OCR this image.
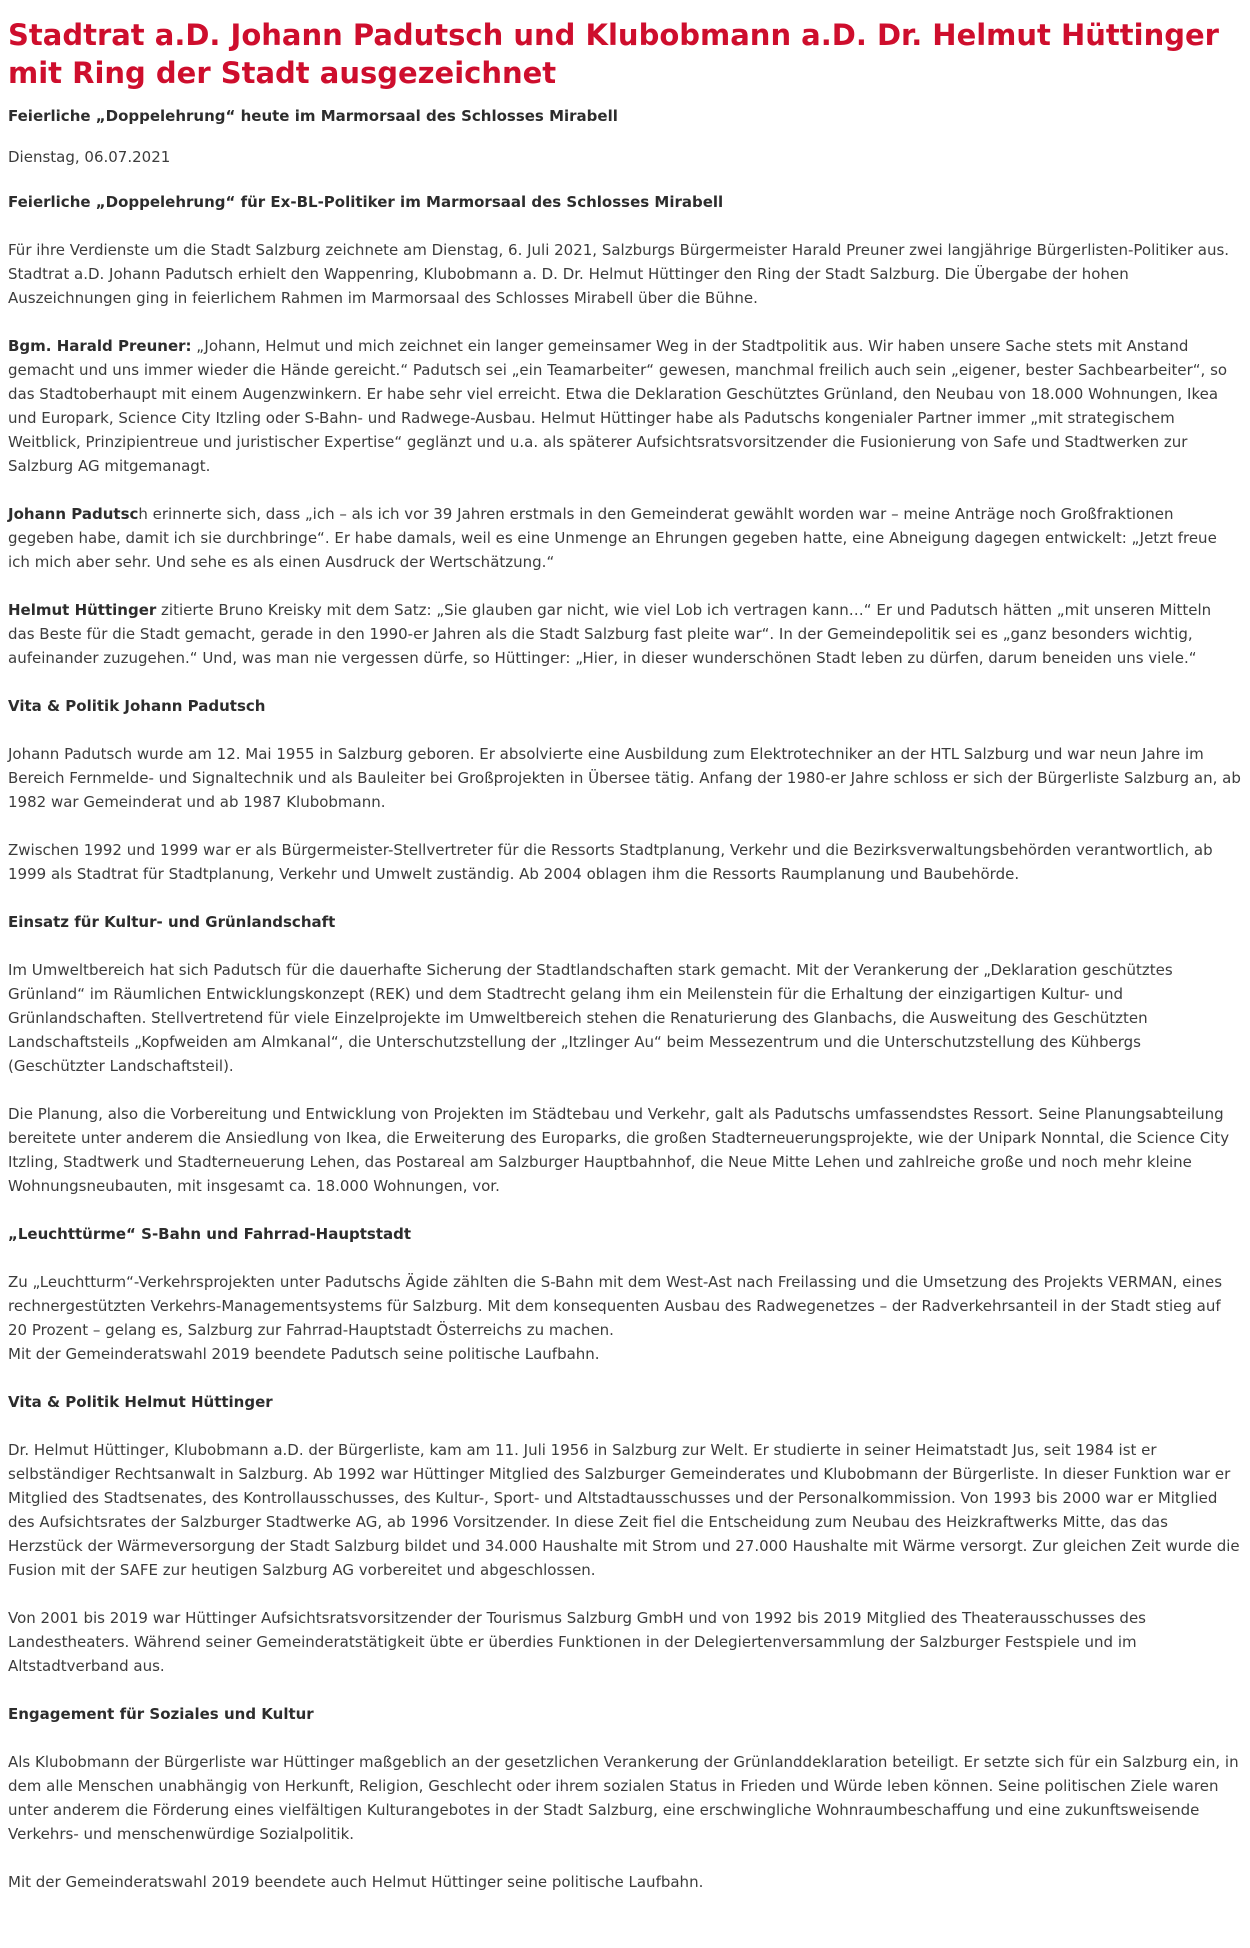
Stadtrat a.D. Johann Padutsch und Klubobmann a.D. Dr. Helmut Hüttinger mit Ring der Stadt ausgezeichnet

Feierliche „Doppelehrung“ heute im Marmorsaal des Schlosses Mirabell

Dienstag, 06.07.2021

Feierliche „Doppelehrung“ für Ex-BL-Politiker im Marmorsaal des Schlosses Mirabell

Für ihre Verdienste um die Stadt Salzburg zeichnete am Dienstag, 6. Juli 2021, Salzburgs Bürgermeister Harald Preuner zwei langjährige Bürgerlisten-Politiker aus. Stadtrat a.D. Johann Padutsch erhielt den Wappenring, Klubobmann a. D. Dr. Helmut Hüttinger den Ring der Stadt Salzburg. Die Übergabe der hohen Auszeichnungen ging in feierlichem Rahmen im Marmorsaal des Schlosses Mirabell über die Bühne.

Bgm. Harald Preuner: „Johann, Helmut und mich zeichnet ein langer gemeinsamer Weg in der Stadtpolitik aus. Wir haben unsere Sache stets mit Anstand gemacht und uns immer wieder die Hände gereicht.“ Padutsch sei „ein Teamarbeiter“ gewesen, manchmal freilich auch sein „eigener, bester Sachbearbeiter“, so das Stadtoberhaupt mit einem Augenzwinkern. Er habe sehr viel erreicht. Etwa die Deklaration Geschütztes Grünland, den Neubau von 18.000 Wohnungen, Ikea und Europark, Science City Itzling oder S-Bahn- und Radwege-Ausbau. Helmut Hüttinger habe als Padutschs kongenialer Partner immer „mit strategischem Weitblick, Prinzipientreue und juristischer Expertise“ geglänzt und u.a. als späterer Aufsichtsratsvorsitzender die Fusionierung von Safe und Stadtwerken zur Salzburg AG mitgemanagt.

Johann Padutsch erinnerte sich, dass „ich – als ich vor 39 Jahren erstmals in den Gemeinderat gewählt worden war – meine Anträge noch Großfraktionen gegeben habe, damit ich sie durchbringe“. Er habe damals, weil es eine Unmenge an Ehrungen gegeben hatte, eine Abneigung dagegen entwickelt: „Jetzt freue ich mich aber sehr. Und sehe es als einen Ausdruck der Wertschätzung.“

Helmut Hüttinger zitierte Bruno Kreisky mit dem Satz: „Sie glauben gar nicht, wie viel Lob ich vertragen kann…“ Er und Padutsch hätten „mit unseren Mitteln das Beste für die Stadt gemacht, gerade in den 1990-er Jahren als die Stadt Salzburg fast pleite war“. In der Gemeindepolitik sei es „ganz besonders wichtig, aufeinander zuzugehen.“ Und, was man nie vergessen dürfe, so Hüttinger: „Hier, in dieser wunderschönen Stadt leben zu dürfen, darum beneiden uns viele.“

Vita & Politik Johann Padutsch

Johann Padutsch wurde am 12. Mai 1955 in Salzburg geboren. Er absolvierte eine Ausbildung zum Elektrotechniker an der HTL Salzburg und war neun Jahre im Bereich Fernmelde- und Signaltechnik und als Bauleiter bei Großprojekten in Übersee tätig. Anfang der 1980-er Jahre schloss er sich der Bürgerliste Salzburg an, ab 1982 war Gemeinderat und ab 1987 Klubobmann.

Zwischen 1992 und 1999 war er als Bürgermeister-Stellvertreter für die Ressorts Stadtplanung, Verkehr und die Bezirksverwaltungsbehörden verantwortlich, ab 1999 als Stadtrat für Stadtplanung, Verkehr und Umwelt zuständig. Ab 2004 oblagen ihm die Ressorts Raumplanung und Baubehörde.

Einsatz für Kultur- und Grünlandschaft

Im Umweltbereich hat sich Padutsch für die dauerhafte Sicherung der Stadtlandschaften stark gemacht. Mit der Verankerung der „Deklaration geschütztes Grünland“ im Räumlichen Entwicklungskonzept (REK) und dem Stadtrecht gelang ihm ein Meilenstein für die Erhaltung der einzigartigen Kultur- und Grünlandschaften. Stellvertretend für viele Einzelprojekte im Umweltbereich stehen die Renaturierung des Glanbachs, die Ausweitung des Geschützten Landschaftsteils „Kopfweiden am Almkanal“, die Unterschutzstellung der „Itzlinger Au“ beim Messezentrum und die Unterschutzstellung des Kühbergs (Geschützter Landschaftsteil).

Die Planung, also die Vorbereitung und Entwicklung von Projekten im Städtebau und Verkehr, galt als Padutschs umfassendstes Ressort. Seine Planungsabteilung bereitete unter anderem die Ansiedlung von Ikea, die Erweiterung des Europarks, die großen Stadterneuerungsprojekte, wie der Unipark Nonntal, die Science City Itzling, Stadtwerk und Stadterneuerung Lehen, das Postareal am Salzburger Hauptbahnhof, die Neue Mitte Lehen und zahlreiche große und noch mehr kleine Wohnungsneubauten, mit insgesamt ca. 18.000 Wohnungen, vor.

„Leuchttürme“ S-Bahn und Fahrrad-Hauptstadt

Zu „Leuchtturm“-Verkehrsprojekten unter Padutschs Ägide zählten die S-Bahn mit dem West-Ast nach Freilassing und die Umsetzung des Projekts VERMAN, eines rechnergestützten Verkehrs-Managementsystems für Salzburg. Mit dem konsequenten Ausbau des Radwegenetzes – der Radverkehrsanteil in der Stadt stieg auf 20 Prozent – gelang es, Salzburg zur Fahrrad-Hauptstadt Österreichs zu machen.
Mit der Gemeinderatswahl 2019 beendete Padutsch seine politische Laufbahn.

Vita & Politik Helmut Hüttinger

Dr. Helmut Hüttinger, Klubobmann a.D. der Bürgerliste, kam am 11. Juli 1956 in Salzburg zur Welt. Er studierte in seiner Heimatstadt Jus, seit 1984 ist er selbständiger Rechtsanwalt in Salzburg. Ab 1992 war Hüttinger Mitglied des Salzburger Gemeinderates und Klubobmann der Bürgerliste. In dieser Funktion war er Mitglied des Stadtsenates, des Kontrollausschusses, des Kultur-, Sport- und Altstadtausschusses und der Personalkommission. Von 1993 bis 2000 war er Mitglied des Aufsichtsrates der Salzburger Stadtwerke AG, ab 1996 Vorsitzender. In diese Zeit fiel die Entscheidung zum Neubau des Heizkraftwerks Mitte, das das Herzstück der Wärmeversorgung der Stadt Salzburg bildet und 34.000 Haushalte mit Strom und 27.000 Haushalte mit Wärme versorgt. Zur gleichen Zeit wurde die Fusion mit der SAFE zur heutigen Salzburg AG vorbereitet und abgeschlossen.

Von 2001 bis 2019 war Hüttinger Aufsichtsratsvorsitzender der Tourismus Salzburg GmbH und von 1992 bis 2019 Mitglied des Theaterausschusses des Landestheaters. Während seiner Gemeinderatstätigkeit übte er überdies Funktionen in der Delegiertenversammlung der Salzburger Festspiele und im Altstadtverband aus.

Engagement für Soziales und Kultur

Als Klubobmann der Bürgerliste war Hüttinger maßgeblich an der gesetzlichen Verankerung der Grünlanddeklaration beteiligt. Er setzte sich für ein Salzburg ein, in dem alle Menschen unabhängig von Herkunft, Religion, Geschlecht oder ihrem sozialen Status in Frieden und Würde leben können. Seine politischen Ziele waren unter anderem die Förderung eines vielfältigen Kulturangebotes in der Stadt Salzburg, eine erschwingliche Wohnraumbeschaffung und eine zukunftsweisende Verkehrs- und menschenwürdige Sozialpolitik.

Mit der Gemeinderatswahl 2019 beendete auch Helmut Hüttinger seine politische Laufbahn.
